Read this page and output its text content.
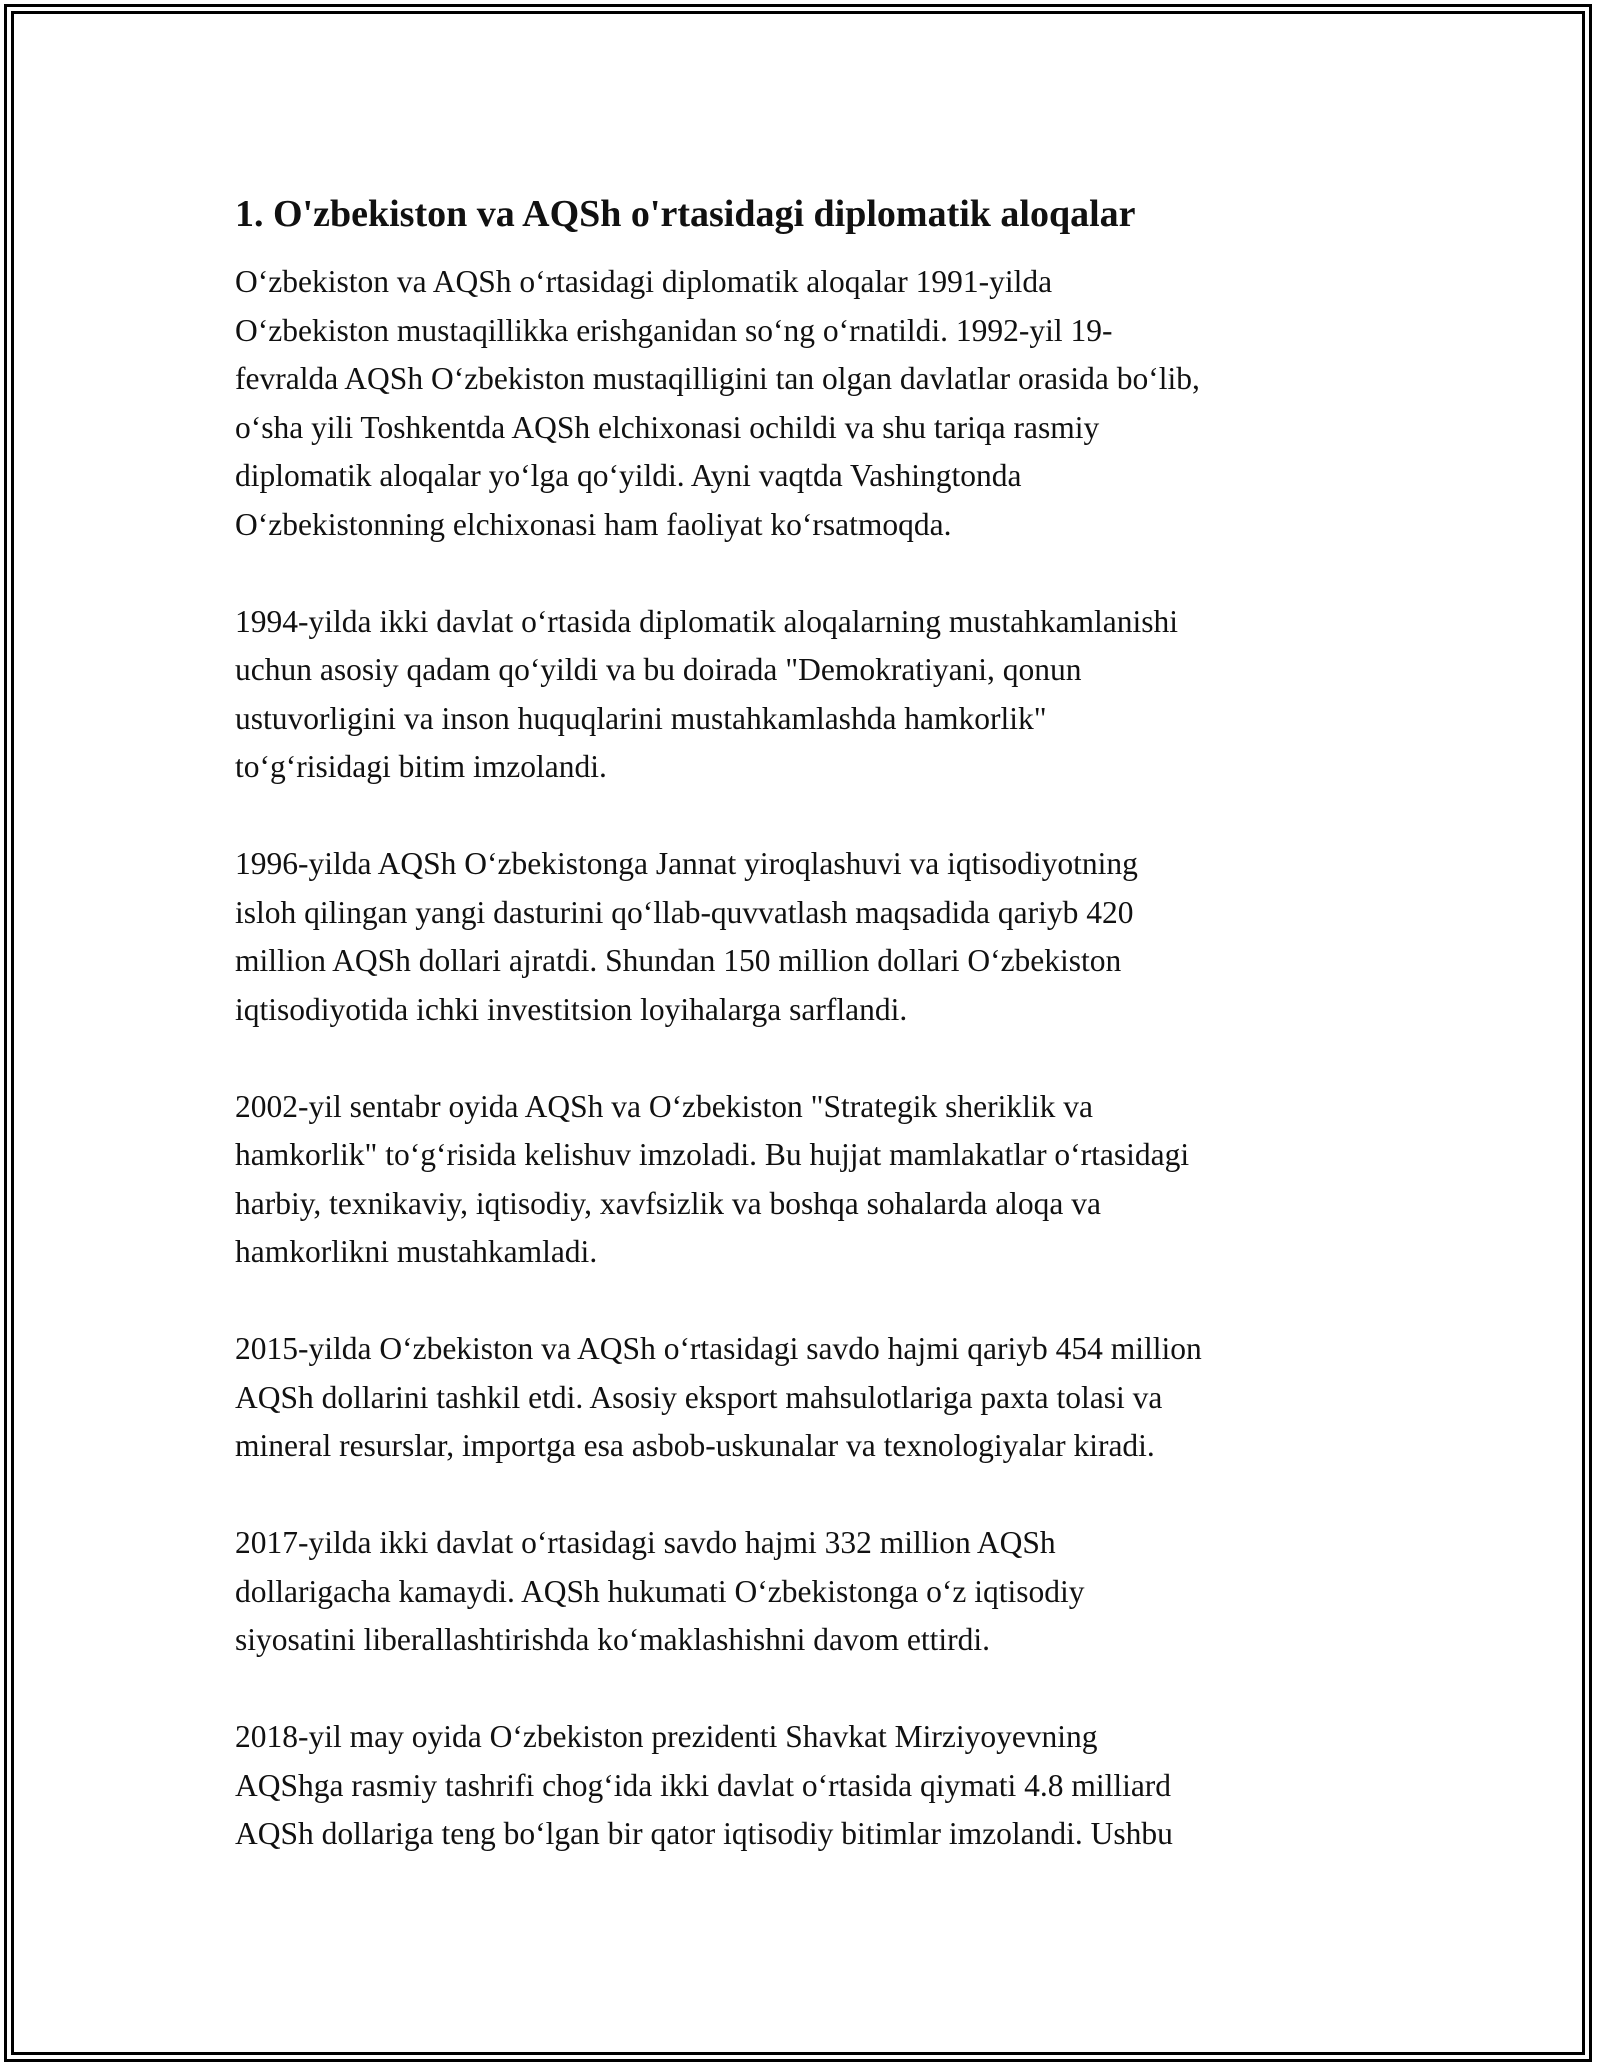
1. O'zbekiston va AQSh o'rtasidagi diplomatik aloqalar

O‘zbekiston va AQSh o‘rtasidagi diplomatik aloqalar 1991-yilda
O‘zbekiston mustaqillikka erishganidan so‘ng o‘rnatildi. 1992-yil 19-
fevralda AQSh O‘zbekiston mustaqilligini tan olgan davlatlar orasida bo‘lib,
o‘sha yili Toshkentda AQSh elchixonasi ochildi va shu tariqa rasmiy
diplomatik aloqalar yo‘lga qo‘yildi. Ayni vaqtda Vashingtonda
O‘zbekistonning elchixonasi ham faoliyat ko‘rsatmoqda.

1994-yilda ikki davlat o‘rtasida diplomatik aloqalarning mustahkamlanishi
uchun asosiy qadam qo‘yildi va bu doirada "Demokratiyani, qonun
ustuvorligini va inson huquqlarini mustahkamlashda hamkorlik"
to‘g‘risidagi bitim imzolandi.

1996-yilda AQSh O‘zbekistonga Jannat yiroqlashuvi va iqtisodiyotning
isloh qilingan yangi dasturini qo‘llab-quvvatlash maqsadida qariyb 420
million AQSh dollari ajratdi. Shundan 150 million dollari O‘zbekiston
iqtisodiyotida ichki investitsion loyihalarga sarflandi.

2002-yil sentabr oyida AQSh va O‘zbekiston "Strategik sheriklik va
hamkorlik" to‘g‘risida kelishuv imzoladi. Bu hujjat mamlakatlar o‘rtasidagi
harbiy, texnikaviy, iqtisodiy, xavfsizlik va boshqa sohalarda aloqa va
hamkorlikni mustahkamladi.

2015-yilda O‘zbekiston va AQSh o‘rtasidagi savdo hajmi qariyb 454 million
AQSh dollarini tashkil etdi. Asosiy eksport mahsulotlariga paxta tolasi va
mineral resurslar, importga esa asbob-uskunalar va texnologiyalar kiradi.

2017-yilda ikki davlat o‘rtasidagi savdo hajmi 332 million AQSh
dollarigacha kamaydi. AQSh hukumati O‘zbekistonga o‘z iqtisodiy
siyosatini liberallashtirishda ko‘maklashishni davom ettirdi.

2018-yil may oyida O‘zbekiston prezidenti Shavkat Mirziyoyevning
AQShga rasmiy tashrifi chog‘ida ikki davlat o‘rtasida qiymati 4.8 milliard
AQSh dollariga teng bo‘lgan bir qator iqtisodiy bitimlar imzolandi. Ushbu
